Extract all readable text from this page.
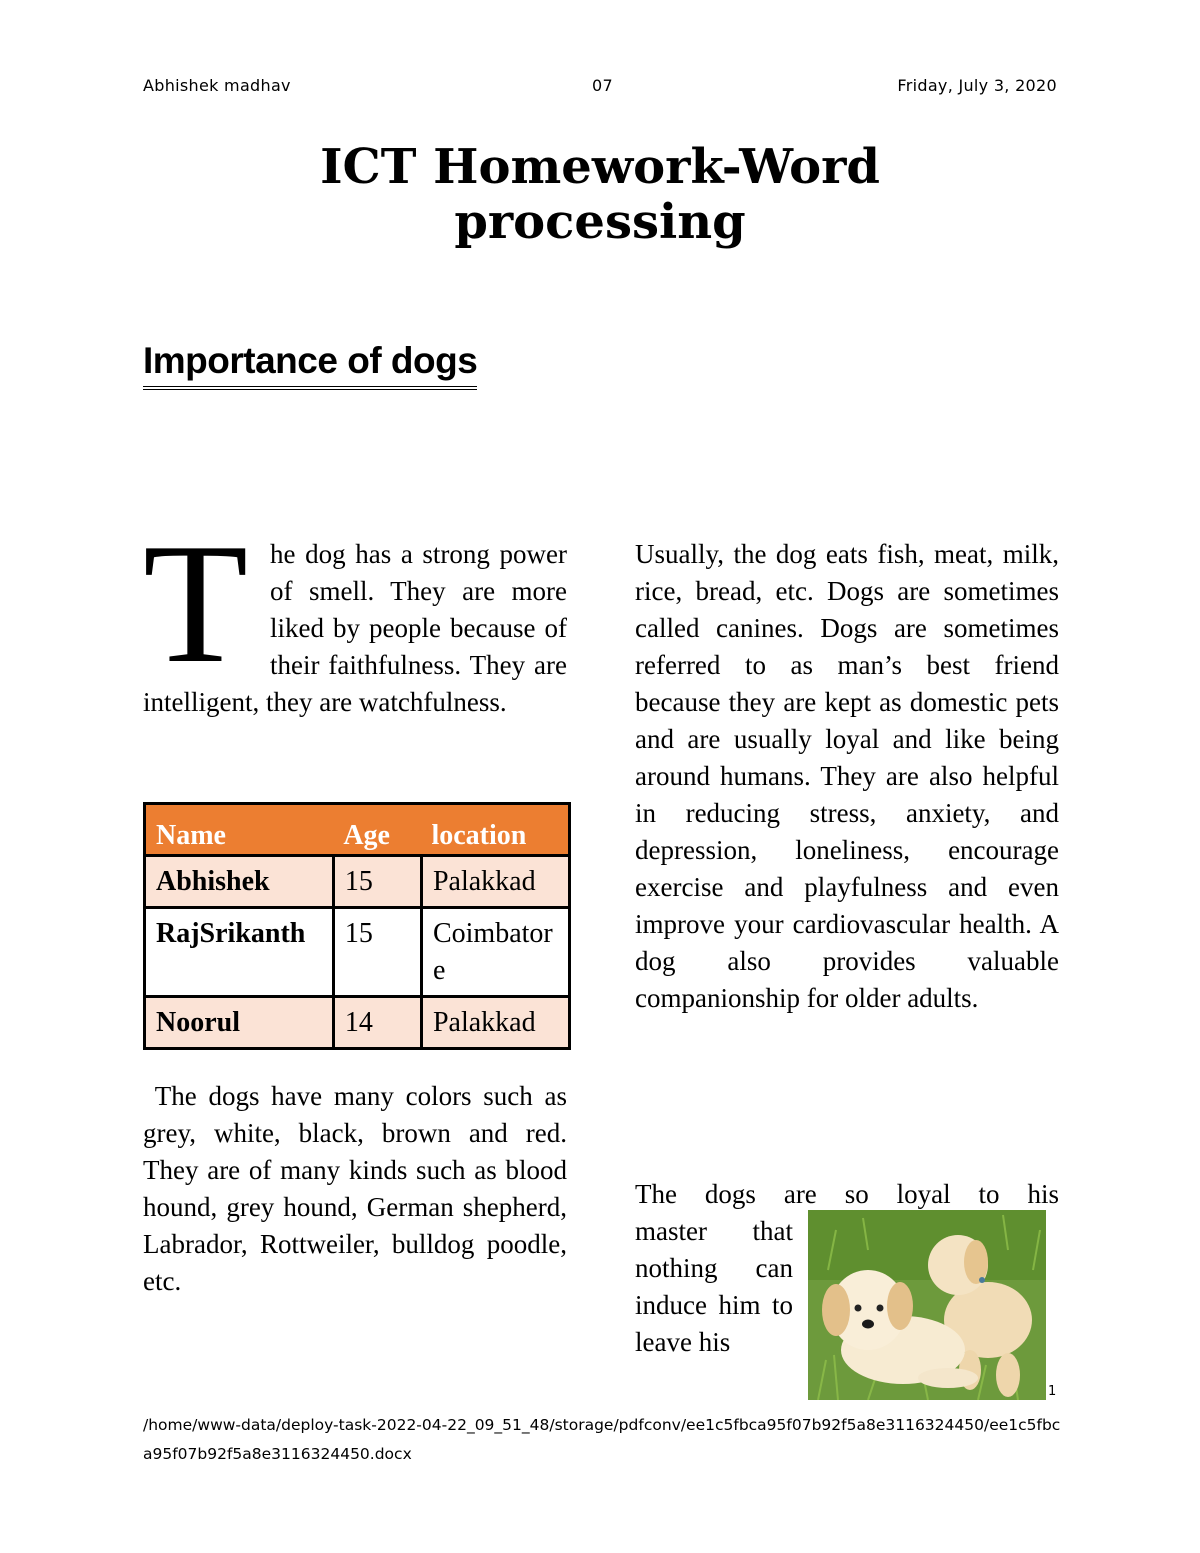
Abhishek madhav	07	Friday, July 3, 2020
ICT Homework-Word
processing
Importance of dogs

The dog has a strong power of smell. They are more liked by people because of their faithfulness. They are intelligent, they are watchfulness.

Name	Age	location
Abhishek	15	Palakkad
RajSrikanth	15	Coimbatore
Noorul	14	Palakkad

The dogs have many colors such as grey, white, black, brown and red. They are of many kinds such as blood hound, grey hound, German shepherd, Labrador, Rottweiler, bulldog poodle, etc.

Usually, the dog eats fish, meat, milk, rice, bread, etc. Dogs are sometimes called canines. Dogs are sometimes referred to as man’s best friend because they are kept as domestic pets and are usually loyal and like being around humans. They are also helpful in reducing stress, anxiety, and depression, loneliness, encourage exercise and playfulness and even improve your cardiovascular health. A dog also provides valuable companionship for older adults.

The dogs are so loyal to his

master that nothing can induce him to leave his

1
/home/www-data/deploy-task-2022-04-22_09_51_48/storage/pdfconv/ee1c5fbca95f07b92f5a8e3116324450/ee1c5fbca95f07b92f5a8e3116324450.docx
